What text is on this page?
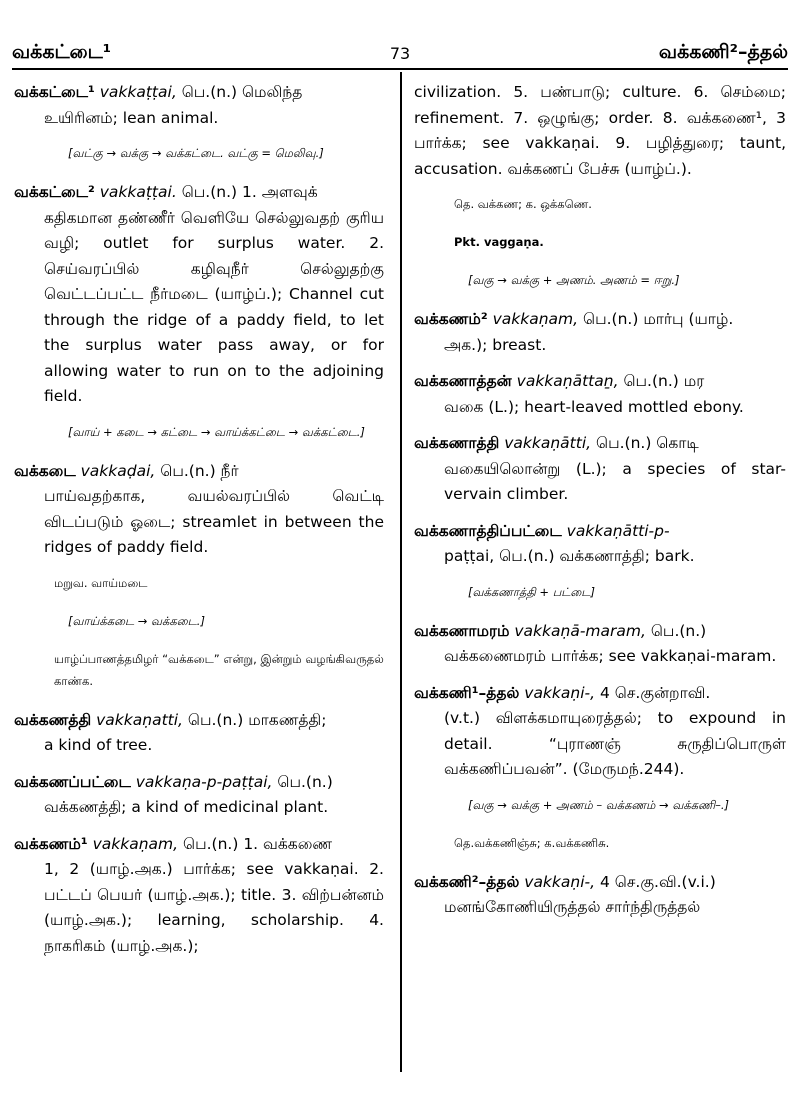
வக்கட்டை¹	73	வக்கணி²–த்தல்
வக்கட்டை¹ vakkaṭṭai, பெ.(n.) மெலிந்த
உயிரினம்; lean animal.
[வட்கு → வக்கு → வக்கட்டை. வட்கு = மெலிவு.]
வக்கட்டை² vakkaṭṭai. பெ.(n.) 1. அளவுக்
கதிகமான தண்ணீர் வெளியே செல்லுவதற் குரிய வழி; outlet for surplus water. 2. செய்வரப்பில் கழிவுநீர் செல்லுதற்கு வெட்டப்பட்ட நீர்மடை (யாழ்ப்.); Channel cut through the ridge of a paddy field, to let the surplus water pass away, or for allowing water to run on to the adjoining field.
[வாய் + கடை → கட்டை → வாய்க்கட்டை → வக்கட்டை.]
வக்கடை vakkaḍai, பெ.(n.) நீர்
பாய்வதற்காக, வயல்வரப்பில் வெட்டி விடப்படும் ஓடை; streamlet in between the ridges of paddy field.
மறுவ. வாய்மடை
[வாய்க்கடை → வக்கடை.]
யாழ்ப்பாணத்தமிழர் “வக்கடை” என்று, இன்றும் வழங்கிவருதல் காண்க.
வக்கணத்தி vakkaṇatti, பெ.(n.) மாகணத்தி;
a kind of tree.
வக்கணப்பட்டை vakkaṇa-p-paṭṭai, பெ.(n.)
வக்கணத்தி; a kind of medicinal plant.
வக்கணம்¹ vakkaṇam, பெ.(n.) 1. வக்கணை
1, 2 (யாழ்.அக.) பார்க்க; see vakkaṇai. 2. பட்டப் பெயர் (யாழ்.அக.); title. 3. விற்பன்னம் (யாழ்.அக.); learning, scholarship. 4. நாகரிகம் (யாழ்.அக.);
civilization. 5. பண்பாடு; culture. 6. செம்மை; refinement. 7. ஒழுங்கு; order. 8. வக்கணை¹, 3 பார்க்க; see vakkaṇai. 9. பழித்துரை; taunt, accusation. வக்கணப் பேச்சு (யாழ்ப்.).
தெ. வக்கண; க. ஒக்கணெ.
Pkt. vaggaṇa.
[வகு → வக்கு + அணம். அணம் = ஈறு.]
வக்கணம்² vakkaṇam, பெ.(n.) மார்பு (யாழ்.
அக.); breast.
வக்கணாத்தன் vakkaṇāttaṉ, பெ.(n.) மர
வகை (L.); heart-leaved mottled ebony.
வக்கணாத்தி vakkaṇātti, பெ.(n.) கொடி
வகையிலொன்று (L.); a species of star-vervain climber.
வக்கணாத்திப்பட்டை vakkaṇātti-p-
paṭṭai, பெ.(n.) வக்கணாத்தி; bark.
[வக்கணாத்தி + பட்டை]
வக்கணாமரம் vakkaṇā-maram, பெ.(n.)
வக்கணைமரம் பார்க்க; see vakkaṇai-maram.
வக்கணி¹–த்தல் vakkaṇi-, 4 செ.குன்றாவி.
(v.t.) விளக்கமாயுரைத்தல்; to expound in detail. “புராணஞ் சுருதிப்பொருள் வக்கணிப்பவன்”. (மேருமந்.244).
[வகு → வக்கு + அணம் – வக்கணம் → வக்கணி–.]
தெ.வக்கணிஞ்சு; க.வக்கணிசு.
வக்கணி²–த்தல் vakkaṇi-, 4 செ.கு.வி.(v.i.)
மனங்கோணியிருத்தல் சார்ந்திருத்தல்
